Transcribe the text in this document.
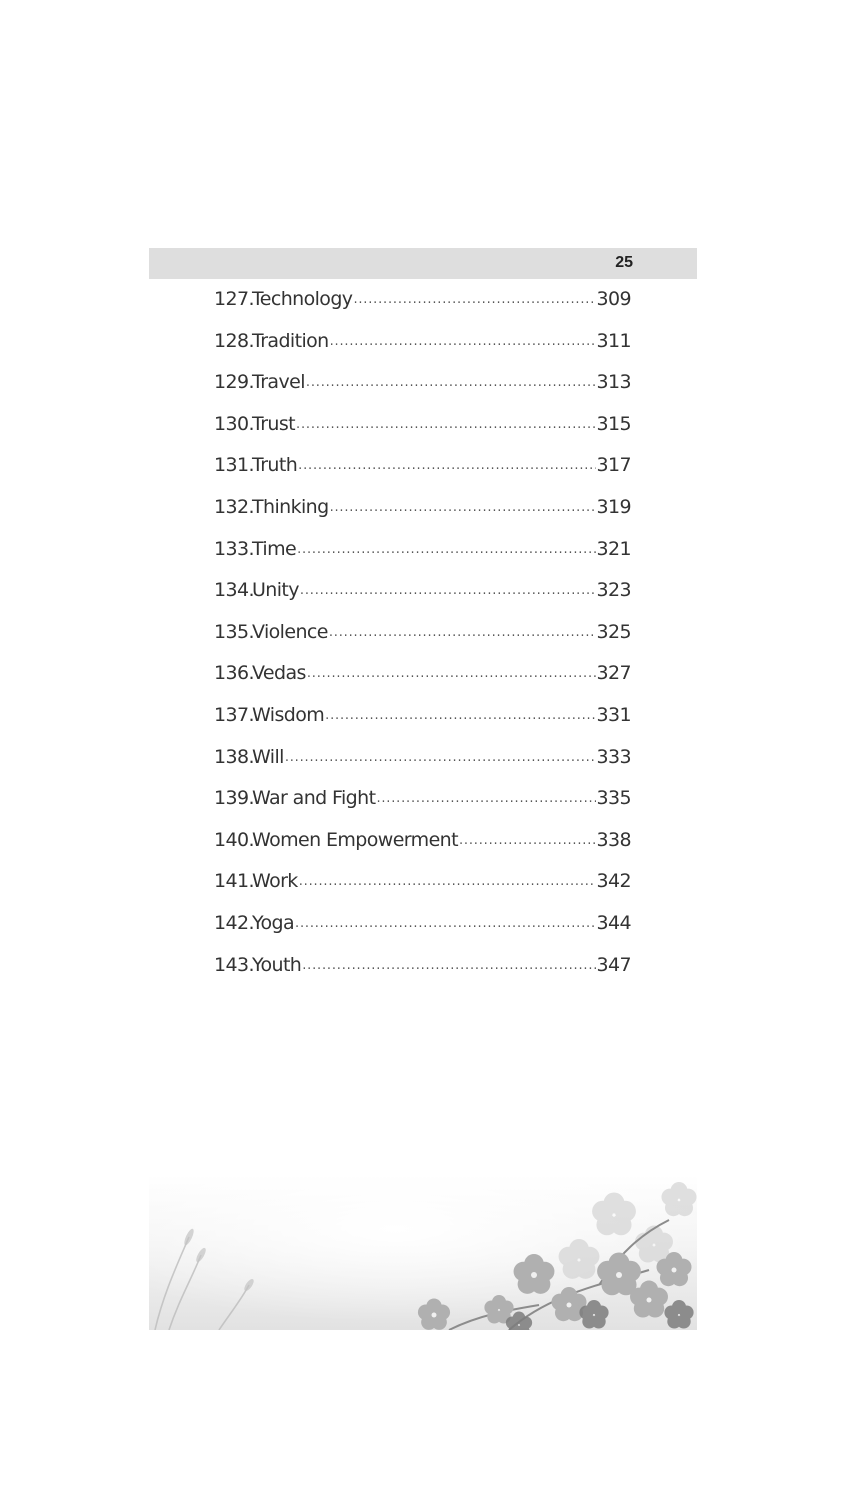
25
127.
Technology .....	309
128.
Tradition .....	311
129.
Travel .....	313
130.
Trust .....	315
131.
Truth .....	317
132.
Thinking .....	319
133.
Time .....	321
134.
Unity .....	323
135.
Violence .....	325
136.
Vedas .....	327
137.
Wisdom .....	331
138.
Will .....	333
139.
War and Fight .....	335
140.
Women Empowerment .....	338
141.
Work .....	342
142.
Yoga .....	344
143.
Youth .....	347
